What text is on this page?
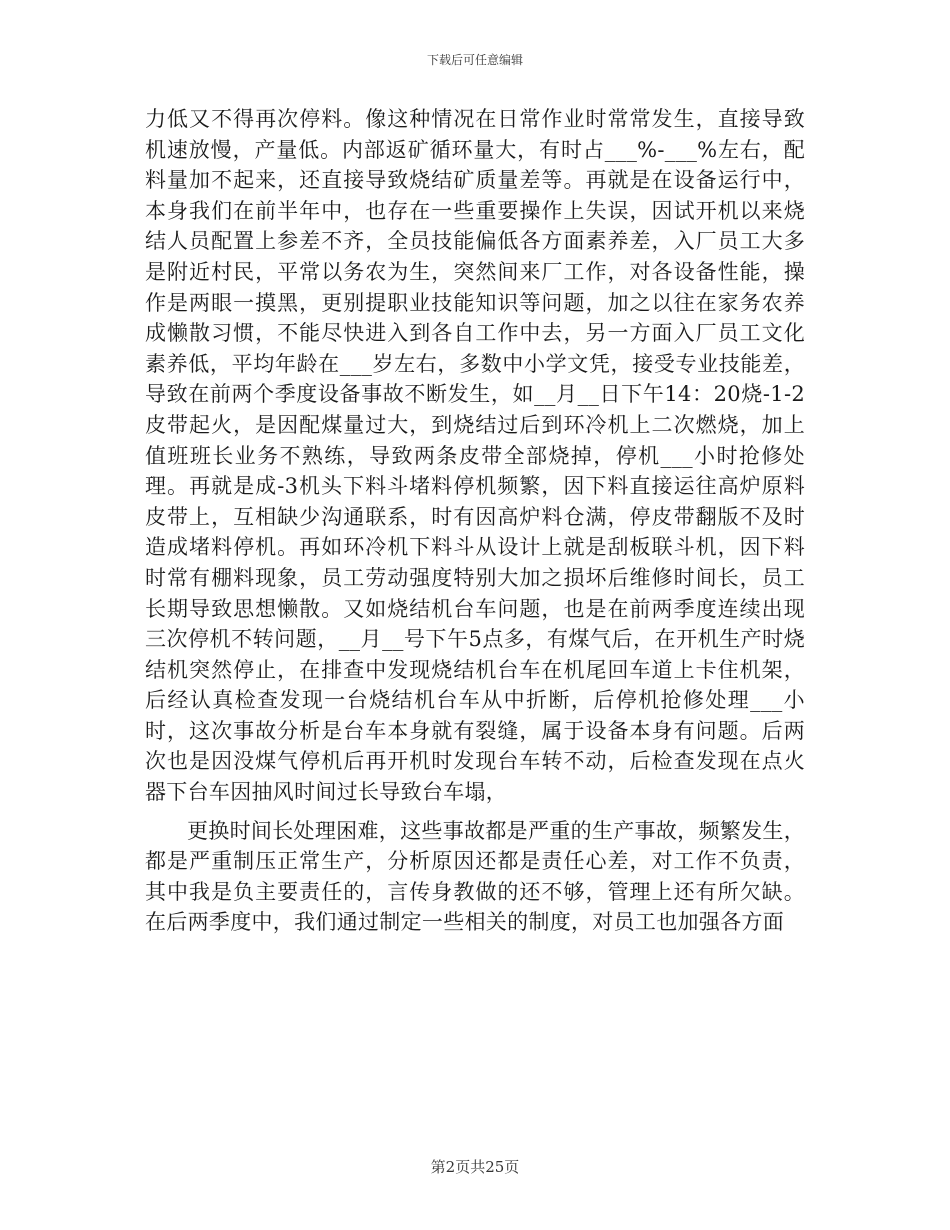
下载后可任意编辑

力低又不得再次停料。像这种情况在日常作业时常常发生，直接导致机速放慢，产量低。内部返矿循环量大，有时占___%-___%左右，配料量加不起来，还直接导致烧结矿质量差等。再就是在设备运行中，本身我们在前半年中，也存在一些重要操作上失误，因试开机以来烧结人员配置上参差不齐，全员技能偏低各方面素养差，入厂员工大多是附近村民，平常以务农为生，突然间来厂工作，对各设备性能，操作是两眼一摸黑，更别提职业技能知识等问题，加之以往在家务农养成懒散习惯，不能尽快进入到各自工作中去，另一方面入厂员工文化素养低，平均年龄在___岁左右，多数中小学文凭，接受专业技能差，导致在前两个季度设备事故不断发生，如__月__日下午14：20烧-1-2皮带起火，是因配煤量过大，到烧结过后到环冷机上二次燃烧，加上值班班长业务不熟练，导致两条皮带全部烧掉，停机___小时抢修处理。再就是成-3机头下料斗堵料停机频繁，因下料直接运往高炉原料皮带上，互相缺少沟通联系，时有因高炉料仓满，停皮带翻版不及时造成堵料停机。再如环冷机下料斗从设计上就是刮板联斗机，因下料时常有棚料现象，员工劳动强度特别大加之损坏后维修时间长，员工长期导致思想懒散。又如烧结机台车问题，也是在前两季度连续出现三次停机不转问题，__月__号下午5点多，有煤气后，在开机生产时烧结机突然停止，在排查中发现烧结机台车在机尾回车道上卡住机架，后经认真检查发现一台烧结机台车从中折断，后停机抢修处理___小时，这次事故分析是台车本身就有裂缝，属于设备本身有问题。后两次也是因没煤气停机后再开机时发现台车转不动，后检查发现在点火器下台车因抽风时间过长导致台车塌，

更换时间长处理困难，这些事故都是严重的生产事故，频繁发生，都是严重制压正常生产，分析原因还都是责任心差，对工作不负责，其中我是负主要责任的，言传身教做的还不够，管理上还有所欠缺。在后两季度中，我们通过制定一些相关的制度，对员工也加强各方面

第2页共25页
